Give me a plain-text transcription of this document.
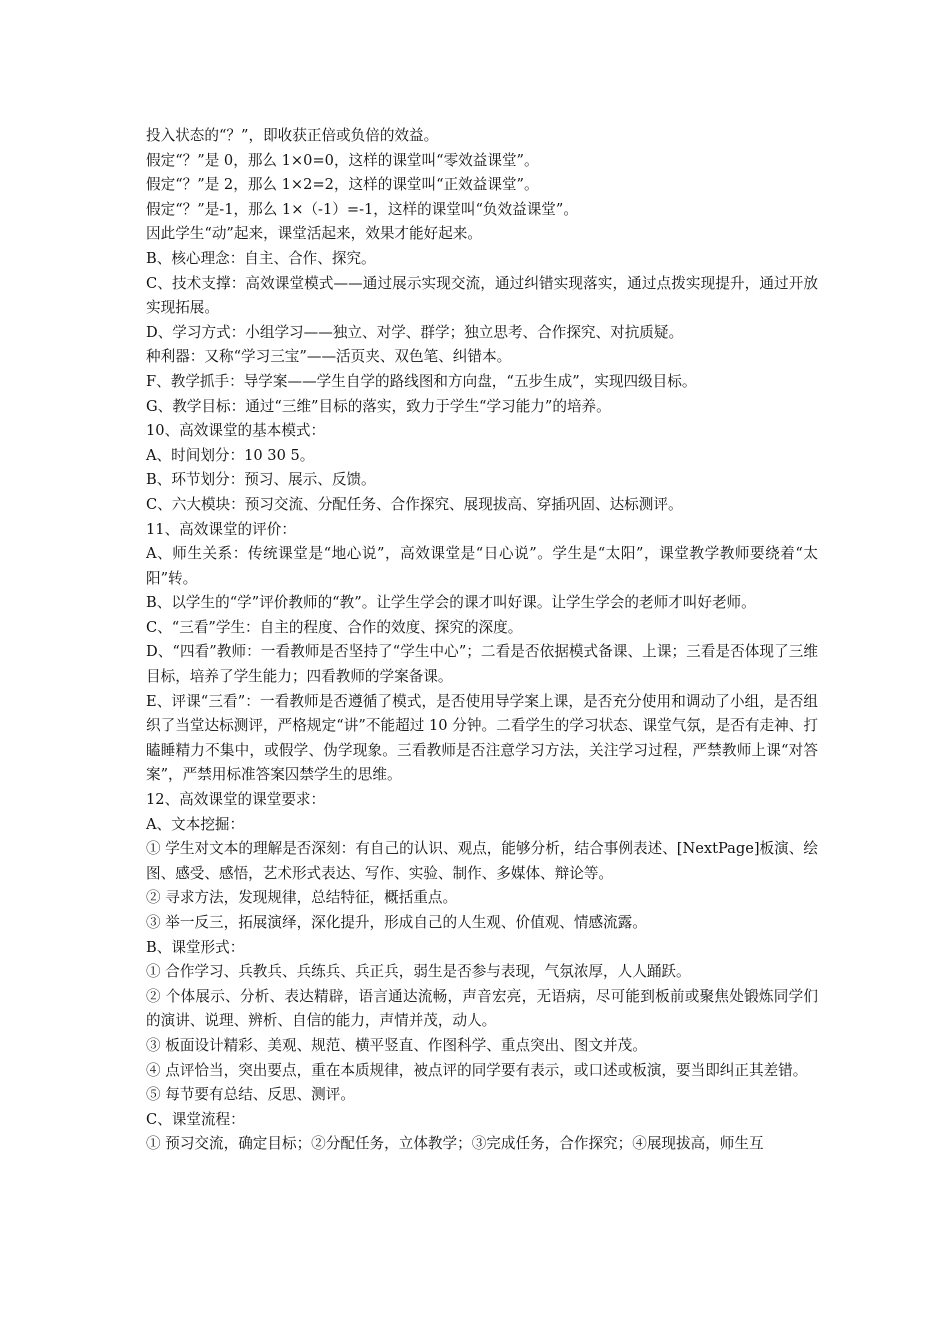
投入状态的“？”，即收获正倍或负倍的效益。

假定“？”是 0，那么 1×0=0，这样的课堂叫“零效益课堂”。

假定“？”是 2，那么 1×2=2，这样的课堂叫“正效益课堂”。

假定“？”是-1，那么 1×（-1）=-1，这样的课堂叫“负效益课堂”。

因此学生“动”起来，课堂活起来，效果才能好起来。

B、核心理念：自主、合作、探究。

C、技术支撑：高效课堂模式——通过展示实现交流，通过纠错实现落实，通过点拨实现提升，通过开放实现拓展。

D、学习方式：小组学习——独立、对学、群学；独立思考、合作探究、对抗质疑。

种利器：又称“学习三宝”——活页夹、双色笔、纠错本。

F、教学抓手：导学案——学生自学的路线图和方向盘，“五步生成”，实现四级目标。

G、教学目标：通过“三维”目标的落实，致力于学生“学习能力”的培养。

10、高效课堂的基本模式：

A、时间划分：10 30 5。

B、环节划分：预习、展示、反馈。

C、六大模块：预习交流、分配任务、合作探究、展现拔高、穿插巩固、达标测评。

11、高效课堂的评价：

A、师生关系：传统课堂是“地心说”，高效课堂是“日心说”。学生是“太阳”，课堂教学教师要绕着“太阳”转。

B、以学生的“学”评价教师的“教”。让学生学会的课才叫好课。让学生学会的老师才叫好老师。

C、“三看”学生：自主的程度、合作的效度、探究的深度。

D、“四看”教师：一看教师是否坚持了“学生中心”；二看是否依据模式备课、上课；三看是否体现了三维目标，培养了学生能力；四看教师的学案备课。

E、评课“三看”：一看教师是否遵循了模式，是否使用导学案上课，是否充分使用和调动了小组，是否组织了当堂达标测评，严格规定“讲”不能超过 10 分钟。二看学生的学习状态、课堂气氛，是否有走神、打瞌睡精力不集中，或假学、伪学现象。三看教师是否注意学习方法，关注学习过程，严禁教师上课“对答案”，严禁用标准答案囚禁学生的思维。

12、高效课堂的课堂要求：

A、文本挖掘：

① 学生对文本的理解是否深刻：有自己的认识、观点，能够分析，结合事例表述、[NextPage]板演、绘图、感受、感悟，艺术形式表达、写作、实验、制作、多媒体、辩论等。

② 寻求方法，发现规律，总结特征，概括重点。

③ 举一反三，拓展演绎，深化提升，形成自己的人生观、价值观、情感流露。

B、课堂形式：

① 合作学习、兵教兵、兵练兵、兵正兵，弱生是否参与表现，气氛浓厚，人人踊跃。

② 个体展示、分析、表达精辟，语言通达流畅，声音宏亮，无语病，尽可能到板前或聚焦处锻炼同学们的演讲、说理、辨析、自信的能力，声情并茂，动人。

③ 板面设计精彩、美观、规范、横平竖直、作图科学、重点突出、图文并茂。

④ 点评恰当，突出要点，重在本质规律，被点评的同学要有表示，或口述或板演，要当即纠正其差错。

⑤ 每节要有总结、反思、测评。

C、课堂流程：

① 预习交流，确定目标；②分配任务，立体教学；③完成任务，合作探究；④展现拔高，师生互
